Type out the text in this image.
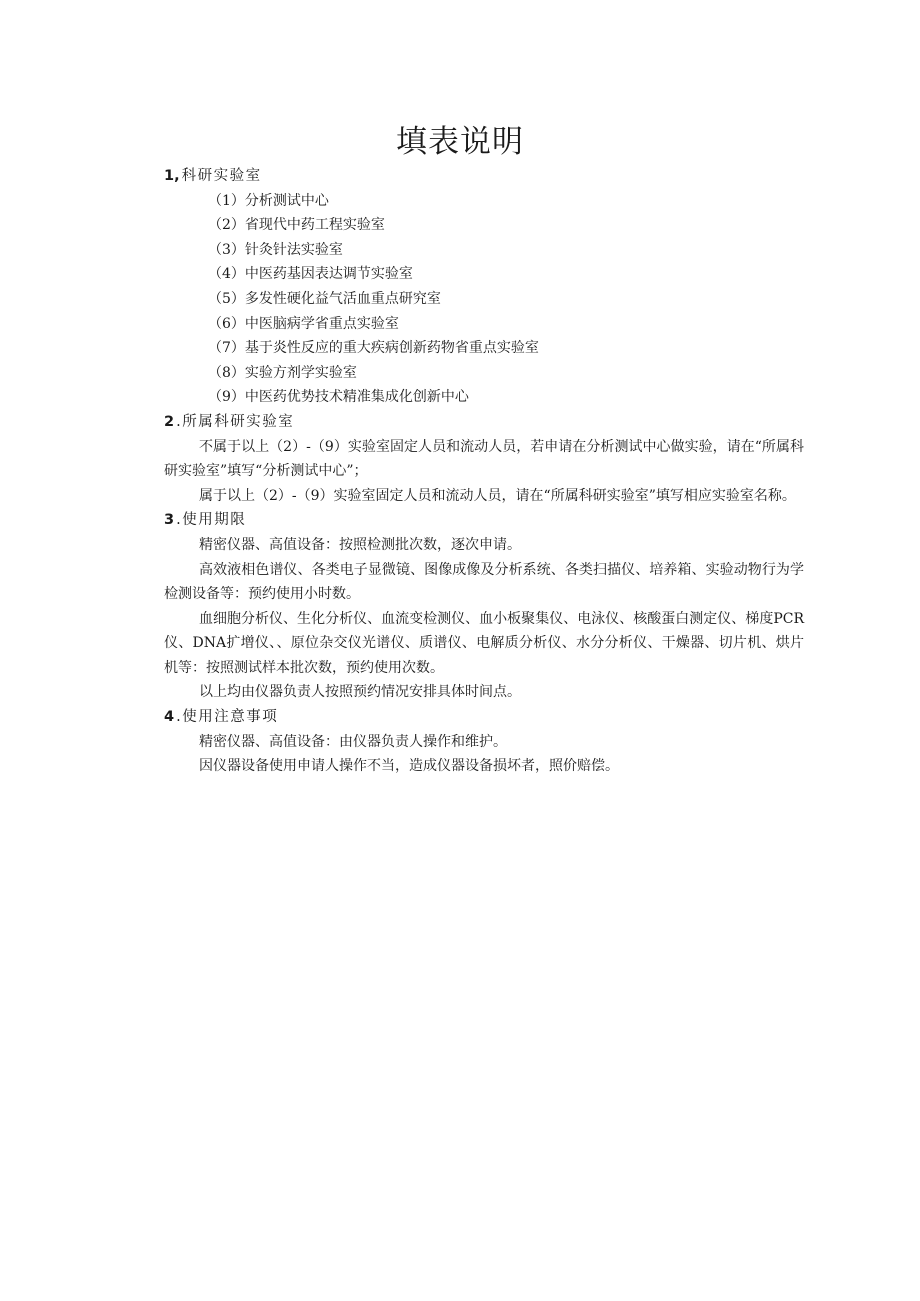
填表说明
1, 科研实验室
（1）分析测试中心
（2）省现代中药工程实验室
（3）针灸针法实验室
（4）中医药基因表达调节实验室
（5）多发性硬化益气活血重点研究室
（6）中医脑病学省重点实验室
（7）基于炎性反应的重大疾病创新药物省重点实验室
（8）实验方剂学实验室
（9）中医药优势技术精准集成化创新中心
2 .所属科研实验室
不属于以上（2）-（9）实验室固定人员和流动人员，若申请在分析测试中心做实验，请在“所属科研实验室”填写“分析测试中心”；
属于以上（2）-（9）实验室固定人员和流动人员，请在“所属科研实验室”填写相应实验室名称。
3 .使用期限
精密仪器、高值设备：按照检测批次数，逐次申请。
高效液相色谱仪、各类电子显微镜、图像成像及分析系统、各类扫描仪、培养箱、实验动物行为学检测设备等：预约使用小时数。
血细胞分析仪、生化分析仪、血流变检测仪、血小板聚集仪、电泳仪、核酸蛋白测定仪、梯度PCR仪、DNA扩增仪、、原位杂交仪光谱仪、质谱仪、电解质分析仪、水分分析仪、干燥器、切片机、烘片机等：按照测试样本批次数，预约使用次数。
以上均由仪器负责人按照预约情况安排具体时间点。
4 .使用注意事项
精密仪器、高值设备：由仪器负责人操作和维护。
因仪器设备使用申请人操作不当，造成仪器设备损坏者，照价赔偿。
